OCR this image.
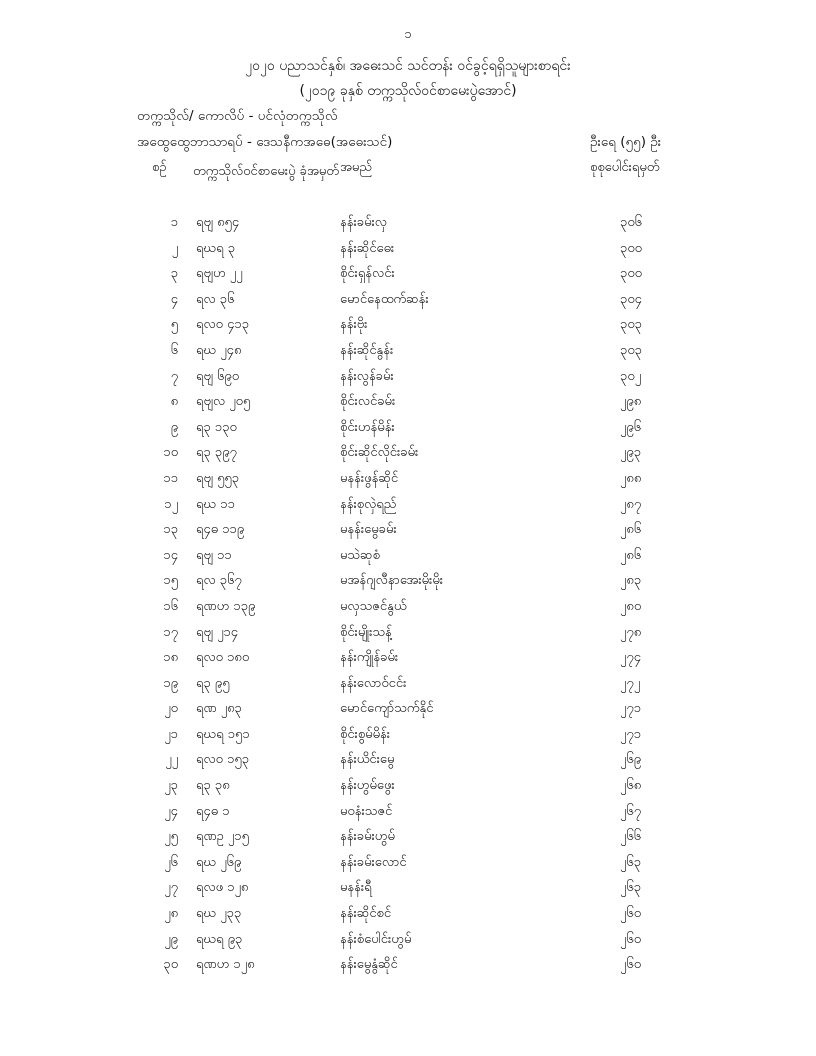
၁
၂၀၂၀ ပညာသင်နှစ်၊ အဓေးသင် သင်တန်း ဝင်ခွင့်ရရှိသူများစာရင်း
(၂၀၁၉ ခုနှစ် တက္ကသိုလ်ဝင်စာမေးပွဲအောင်)
တက္ကသိုလ်/ ကောလိပ် - ပင်လုံတက္ကသိုလ်
အထွေထွေဘာသာရပ် - ဒေသနီကအဓေ(အဓေးသင်)	ဦးရေ (၅၅) ဦး
စဉ် တက္ကသိုလ်ဝင်စာမေးပွဲ ခုံအမှတ် အမည်	စုစုပေါင်းရမှတ်
၁ ရဗျ ၈၅၄	နန်းခမ်းလှ	၃၀၆
၂ ရဃရ ၃	နန်းဆိုင်ဓေး	၃၀၀
၃ ရဗျဟ ၂၂	စိုင်းရှန်လင်း	၃၀၀
၄ ရလ ၃၆	မောင်နေထက်ဆန်း	၃၀၄
၅ ရလဝ ၄၁၃	နန်းဗိုး	၃၀၃
၆ ရဃ ၂၄၈	နန်းဆိုင်နွန်း	၃၀၃
၇ ရဗျ ၆၉၀	နန်းလွန်ခမ်း	၃၀၂
၈ ရဗျလ ၂၀၅	စိုင်းလင်ခမ်း	၂၉၈
၉ ရ၃ ၁၃၀	စိုင်းဟန်မိန်း	၂၉၆
၁၀ ရ၃ ၃၉၇	စိုင်းဆိုင်လိုင်းခမ်း	၂၉၃
၁၁ ရဗျ ၅၅၃	မနန်းဖွန်ဆိုင်	၂၈၈
၁၂ ရဃ ၁၁	နန်းစုလှဲရည်	၂၈၇
၁၃ ရ၄ဓ ၁၁၉	မနန်းမွေခမ်း	၂၈၆
၁၄ ရဗျ ၁၁	မသဲဆုစံ	၂၈၆
၁၅ ရလ ၃၆၇	မအန်ဂျလီနာအေးမိုးမိုး	၂၈၃
၁၆ ရဏဟ ၁၃၉	မလှသဇင်နွယ်	၂၈၀
၁၇ ရဗျ ၂၁၄	စိုင်းမျိုးသန့်	၂၇၈
၁၈ ရလဝ ၁၈၀	နန်းကျိုန်ခမ်း	၂၇၄
၁၉ ရ၃ ၉၅	နန်းလောဝ်ငင်း	၂၇၂
၂၀ ရဏ ၂၈၃	မောင်ကျော်သက်နိုင်	၂၇၁
၂၁ ရဃရ ၁၅၁	စိုင်းစွမ်မိန်း	၂၇၁
၂၂ ရလဝ ၁၅၃	နန်းယိင်းမွေ	၂၆၉
၂၃ ရ၃ ၃၈	နန်းဟွမ်ဖွေး	၂၆၈
၂၄ ရ၄ဓ ၁	မဝနံးသဇင်	၂၆၇
၂၅ ရဏဥ ၂၁၅	နန်းခမ်းဟွမ်	၂၆၆
၂၆ ရဃ ၂၆၉	နန်းခမ်းလောင်	၂၆၃
၂၇ ရလဖ ၁၂၈	မနန်းရီ	၂၆၃
၂၈ ရဃ ၂၃၃	နန်းဆိုင်စင်	၂၆၀
၂၉ ရဃရ ၉၃	နန်းစံပေါင်းဟွမ်	၂၆၀
၃၀ ရဏဟ ၁၂၈	နန်းမွေနွံဆိုင်	၂၆၀
